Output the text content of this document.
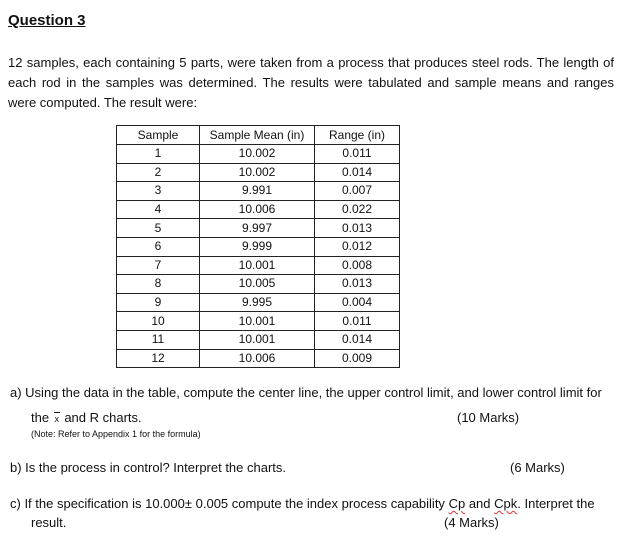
Question 3
12 samples, each containing 5 parts, were taken from a process that produces steel rods. The length of each rod in the samples was determined. The results were tabulated and sample means and ranges were computed. The result were:
Sample	Sample Mean (in)	Range (in)
1	10.002	0.011
2	10.002	0.014
3	9.991	0.007
4	10.006	0.022
5	9.997	0.013
6	9.999	0.012
7	10.001	0.008
8	10.005	0.013
9	9.995	0.004
10	10.001	0.011
11	10.001	0.014
12	10.006	0.009
a) Using the data in the table, compute the center line, the upper control limit, and lower control limit for
the x and R charts.	(10 Marks)
(Note: Refer to Appendix 1 for the formula)
b) Is the process in control? Interpret the charts.	(6 Marks)
c) If the specification is 10.000± 0.005 compute the index process capability Cp and Cpk. Interpret the
result.	(4 Marks)
